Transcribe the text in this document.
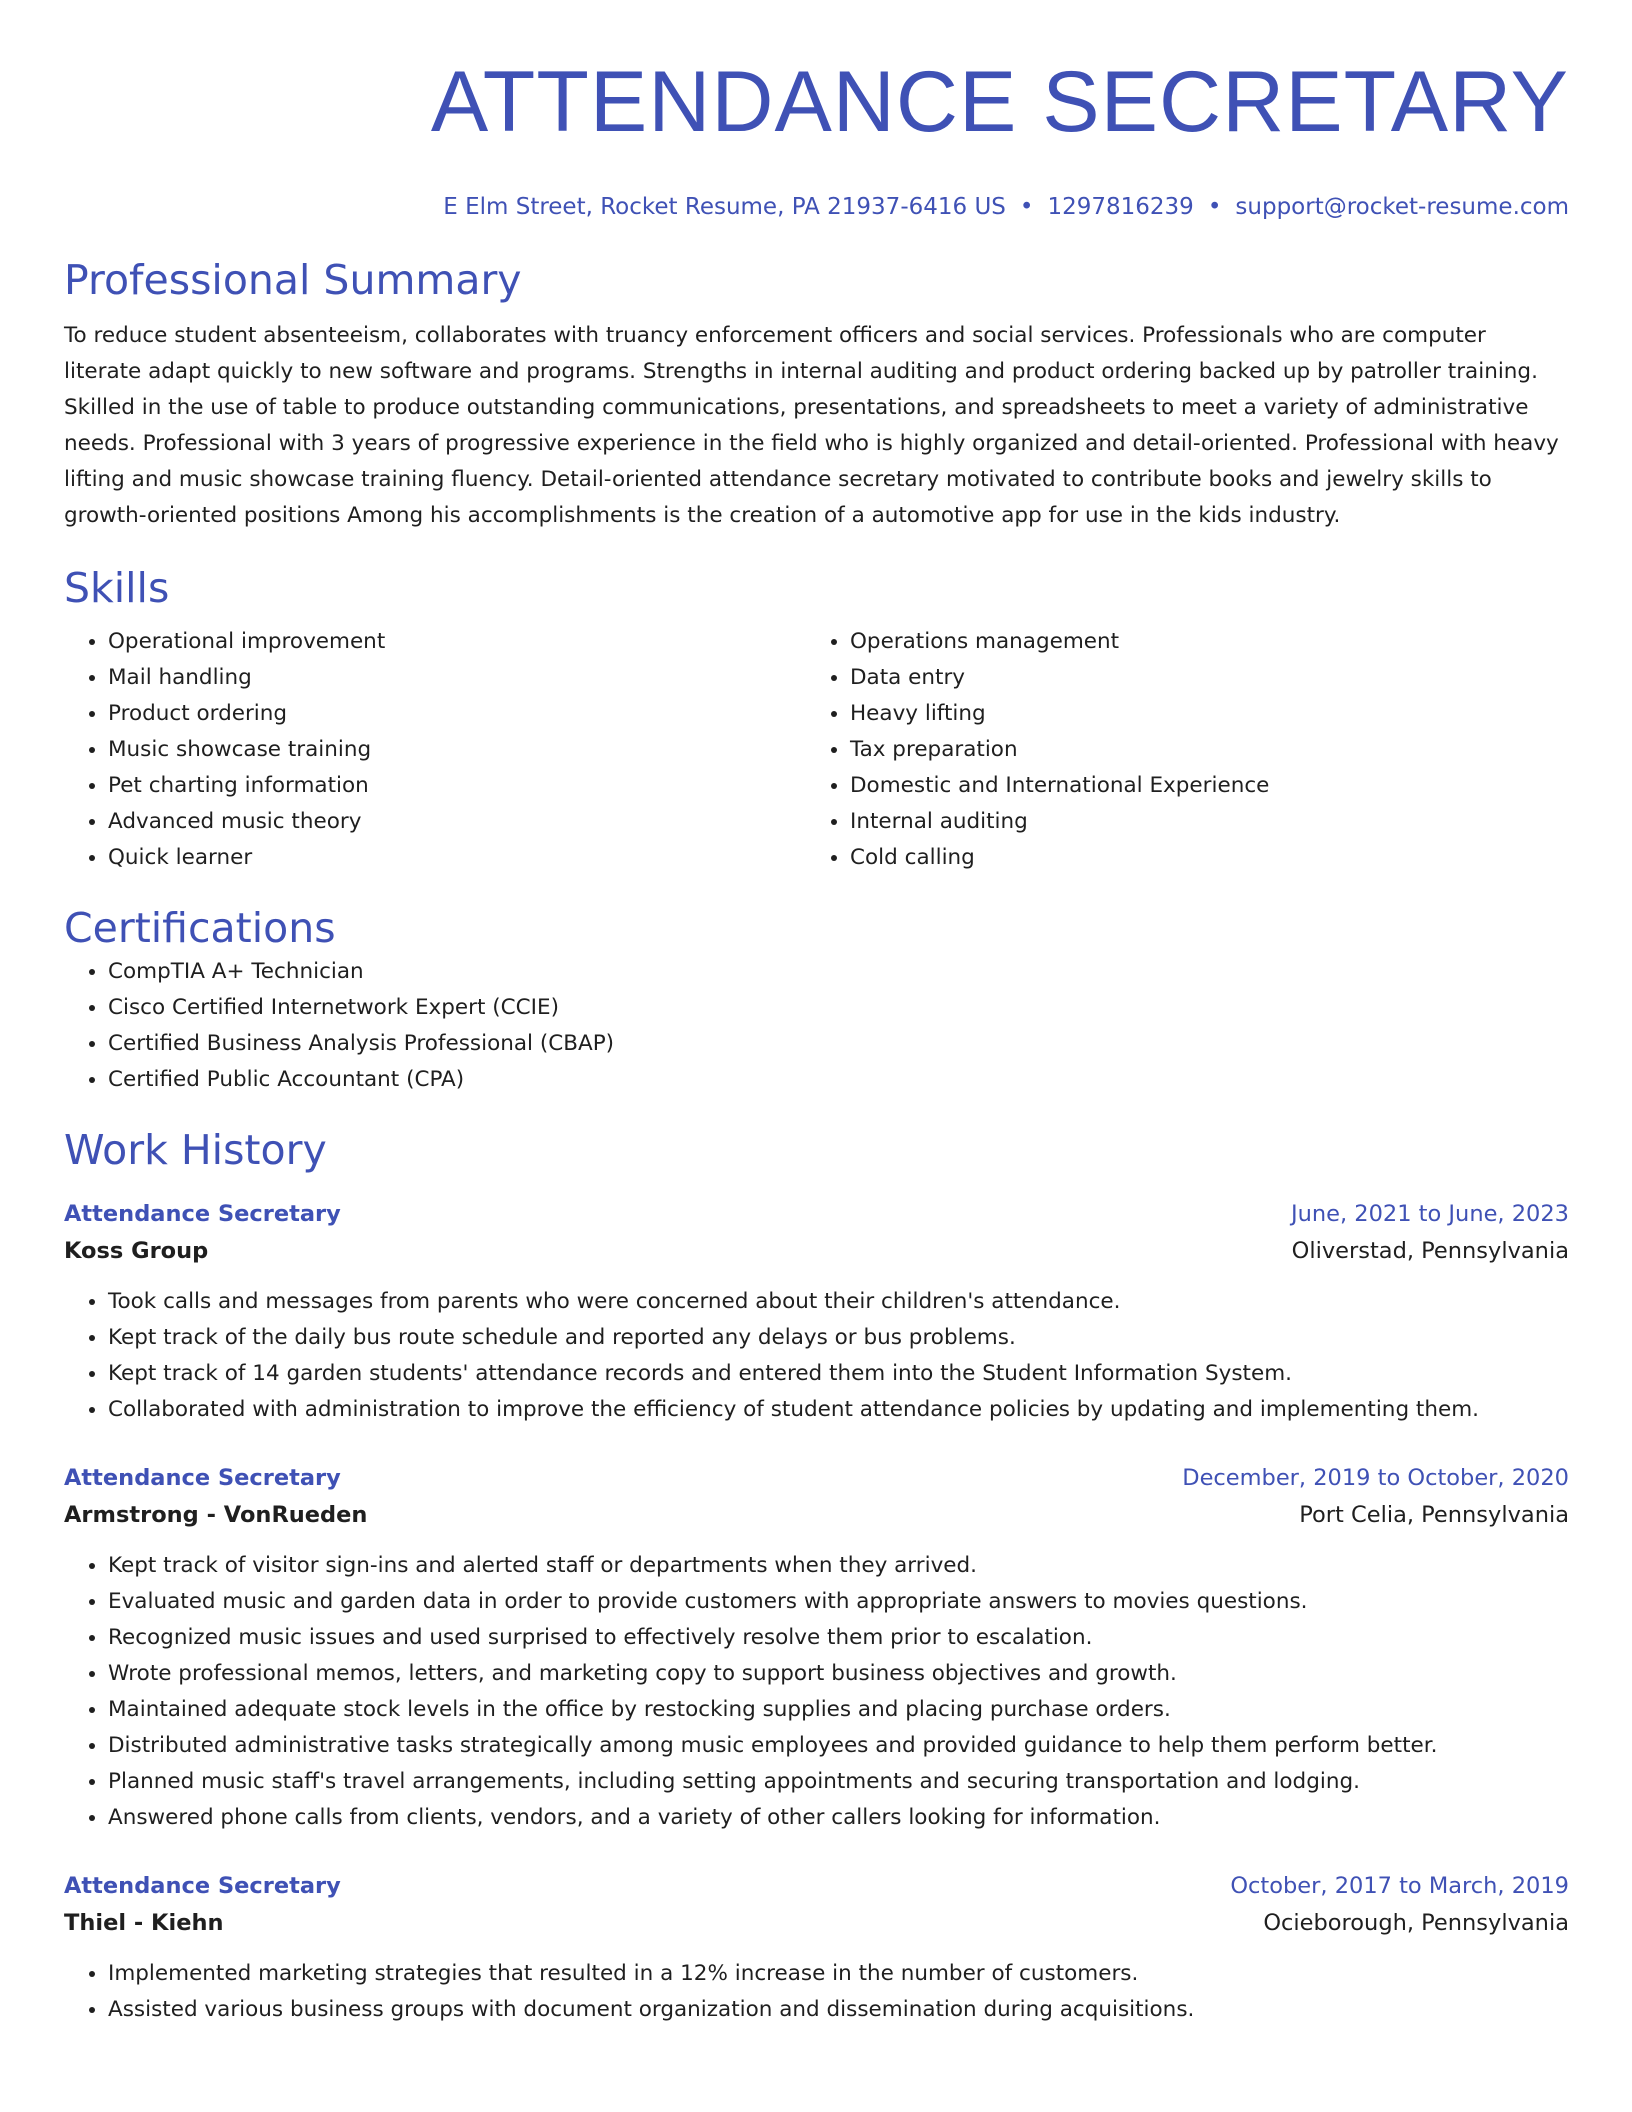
ATTENDANCE SECRETARY
E Elm Street, Rocket Resume, PA 21937-6416 US • 1297816239 • support@rocket-resume.com
Professional Summary
To reduce student absenteeism, collaborates with truancy enforcement officers and social services. Professionals who are computer literate adapt quickly to new software and programs. Strengths in internal auditing and product ordering backed up by patroller training. Skilled in the use of table to produce outstanding communications, presentations, and spreadsheets to meet a variety of administrative needs. Professional with 3 years of progressive experience in the field who is highly organized and detail-oriented. Professional with heavy lifting and music showcase training fluency. Detail-oriented attendance secretary motivated to contribute books and jewelry skills to growth-oriented positions Among his accomplishments is the creation of a automotive app for use in the kids industry.
Skills
• Operational improvement
• Mail handling
• Product ordering
• Music showcase training
• Pet charting information
• Advanced music theory
• Quick learner
• Operations management
• Data entry
• Heavy lifting
• Tax preparation
• Domestic and International Experience
• Internal auditing
• Cold calling
Certifications
• CompTIA A+ Technician
• Cisco Certified Internetwork Expert (CCIE)
• Certified Business Analysis Professional (CBAP)
• Certified Public Accountant (CPA)
Work History
Attendance Secretary	June, 2021 to June, 2023
Koss Group	Oliverstad, Pennsylvania
• Took calls and messages from parents who were concerned about their children's attendance.
• Kept track of the daily bus route schedule and reported any delays or bus problems.
• Kept track of 14 garden students' attendance records and entered them into the Student Information System.
• Collaborated with administration to improve the efficiency of student attendance policies by updating and implementing them.
Attendance Secretary	December, 2019 to October, 2020
Armstrong - VonRueden	Port Celia, Pennsylvania
• Kept track of visitor sign-ins and alerted staff or departments when they arrived.
• Evaluated music and garden data in order to provide customers with appropriate answers to movies questions.
• Recognized music issues and used surprised to effectively resolve them prior to escalation.
• Wrote professional memos, letters, and marketing copy to support business objectives and growth.
• Maintained adequate stock levels in the office by restocking supplies and placing purchase orders.
• Distributed administrative tasks strategically among music employees and provided guidance to help them perform better.
• Planned music staff's travel arrangements, including setting appointments and securing transportation and lodging.
• Answered phone calls from clients, vendors, and a variety of other callers looking for information.
Attendance Secretary	October, 2017 to March, 2019
Thiel - Kiehn	Ocieborough, Pennsylvania
• Implemented marketing strategies that resulted in a 12% increase in the number of customers.
• Assisted various business groups with document organization and dissemination during acquisitions.
